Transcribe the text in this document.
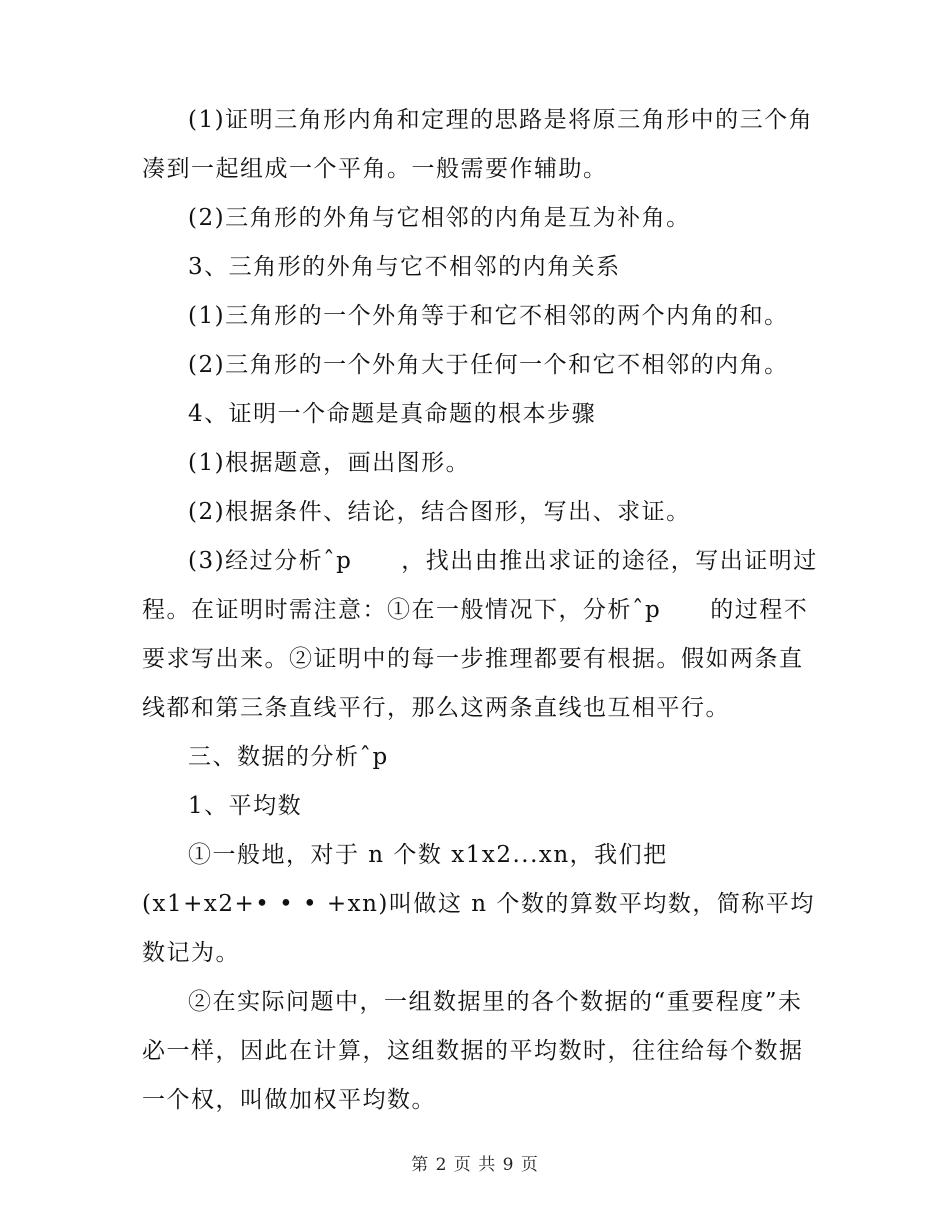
(1)证明三角形内角和定理的思路是将原三角形中的三个角凑到一起组成一个平角。一般需要作辅助。

(2)三角形的外角与它相邻的内角是互为补角。

3、三角形的外角与它不相邻的内角关系

(1)三角形的一个外角等于和它不相邻的两个内角的和。

(2)三角形的一个外角大于任何一个和它不相邻的内角。

4、证明一个命题是真命题的根本步骤

(1)根据题意，画出图形。

(2)根据条件、结论，结合图形，写出、求证。

(3)经过分析ˆp　　，找出由推出求证的途径，写出证明过程。在证明时需注意：①在一般情况下，分析ˆp　　的过程不要求写出来。②证明中的每一步推理都要有根据。假如两条直线都和第三条直线平行，那么这两条直线也互相平行。

三、数据的分析ˆp

1、平均数

①一般地，对于 n 个数 x1x2...xn，我们把

(x1+x2+• • • +xn)叫做这 n 个数的算数平均数，简称平均数记为。

②在实际问题中，一组数据里的各个数据的“重要程度”未必一样，因此在计算，这组数据的平均数时，往往给每个数据一个权，叫做加权平均数。

第 2 页 共 9 页
